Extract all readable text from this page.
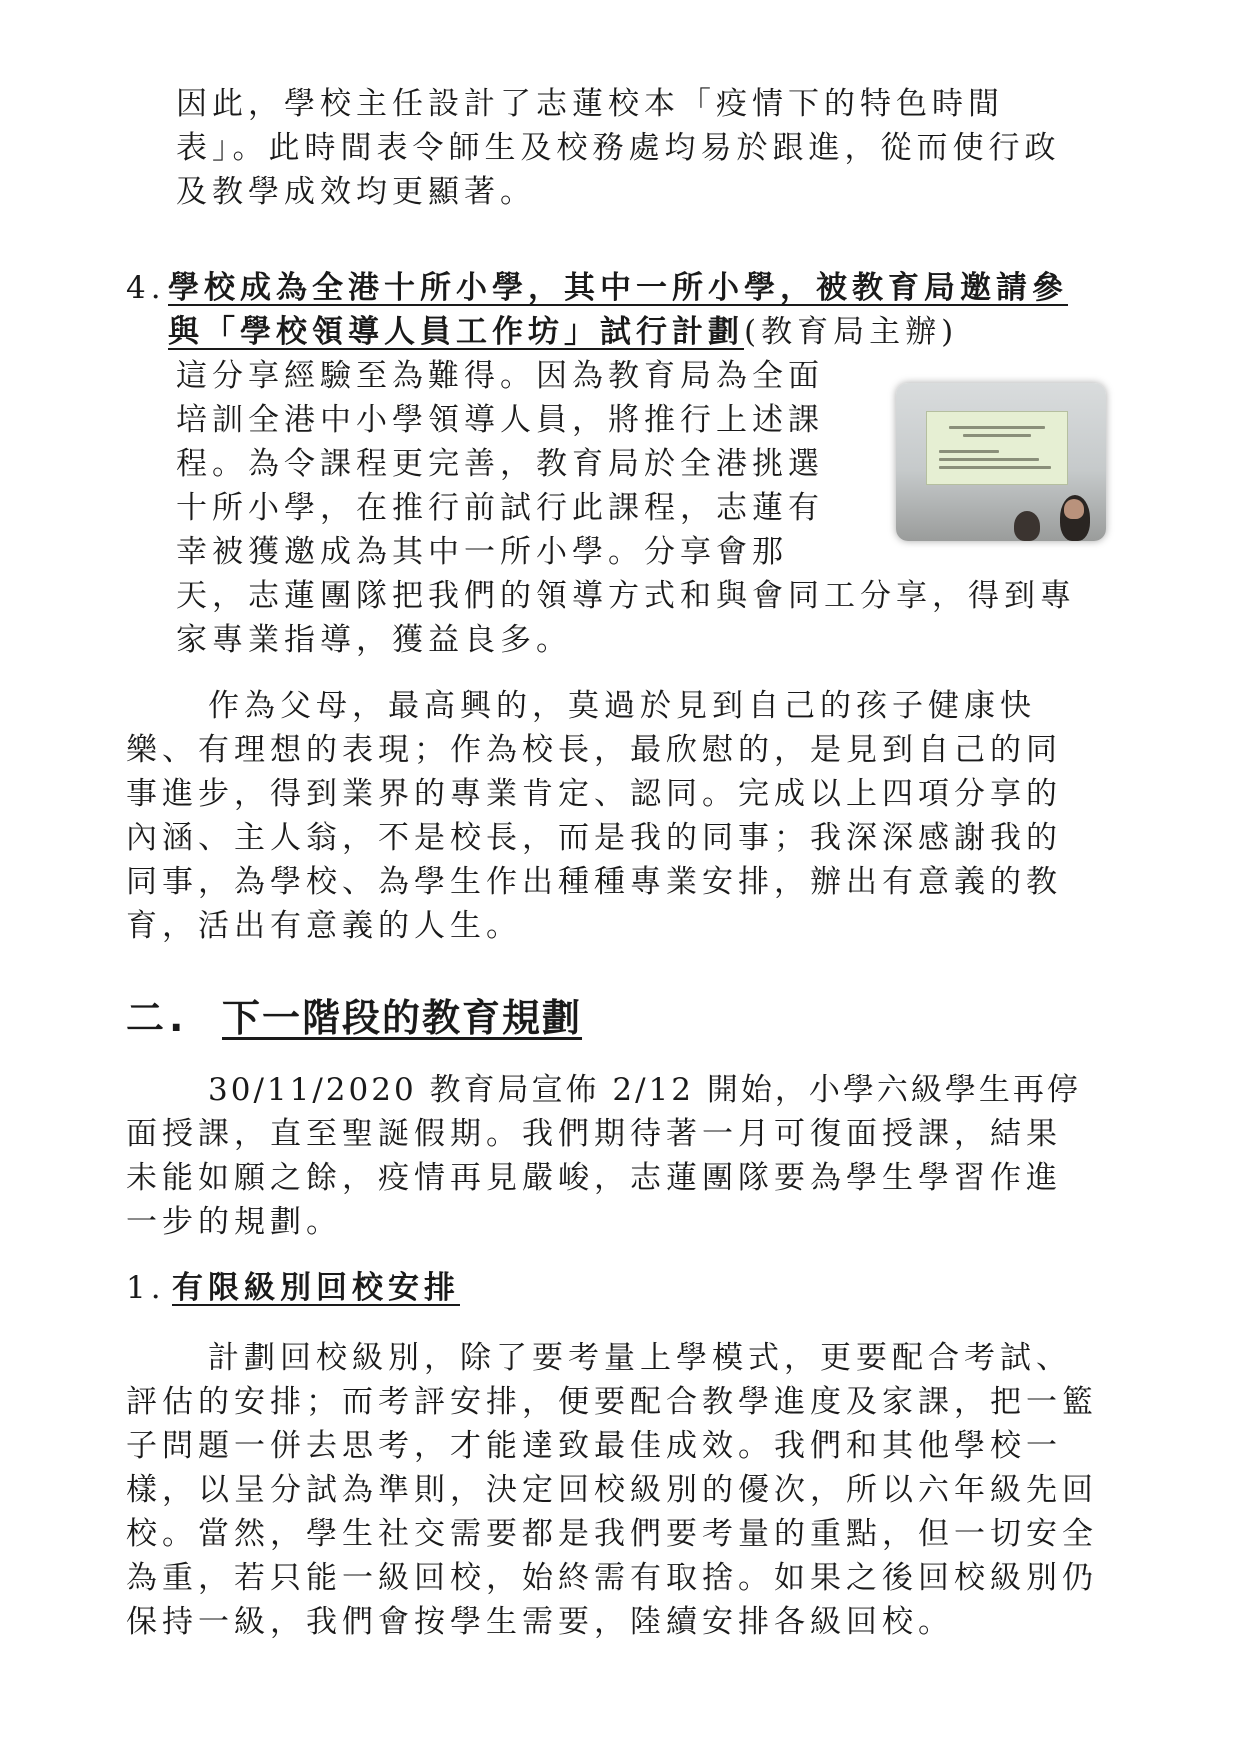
因此，學校主任設計了志蓮校本「疫情下的特色時間
表」。此時間表令師生及校務處均易於跟進，從而使行政
及教學成效均更顯著。
4. 學校成為全港十所小學，其中一所小學，被教育局邀請參
與「學校領導人員工作坊」試行計劃(教育局主辦)
這分享經驗至為難得。因為教育局為全面
培訓全港中小學領導人員，將推行上述課
程。為令課程更完善，教育局於全港挑選
十所小學，在推行前試行此課程，志蓮有
幸被獲邀成為其中一所小學。分享會那
天，志蓮團隊把我們的領導方式和與會同工分享，得到專
家專業指導，獲益良多。
作為父母，最高興的，莫過於見到自己的孩子健康快
樂、有理想的表現；作為校長，最欣慰的，是見到自己的同
事進步，得到業界的專業肯定、認同。完成以上四項分享的
內涵、主人翁，不是校長，而是我的同事；我深深感謝我的
同事，為學校、為學生作出種種專業安排，辦出有意義的教
育，活出有意義的人生。
二. 下一階段的教育規劃
30/11/2020 教育局宣佈 2/12 開始，小學六級學生再停
面授課，直至聖誕假期。我們期待著一月可復面授課，結果
未能如願之餘，疫情再見嚴峻，志蓮團隊要為學生學習作進
一步的規劃。
1. 有限級別回校安排
計劃回校級別，除了要考量上學模式，更要配合考試、
評估的安排；而考評安排，便要配合教學進度及家課，把一籃
子問題一併去思考，才能達致最佳成效。我們和其他學校一
樣，以呈分試為準則，決定回校級別的優次，所以六年級先回
校。當然，學生社交需要都是我們要考量的重點，但一切安全
為重，若只能一級回校，始終需有取捨。如果之後回校級別仍
保持一級，我們會按學生需要，陸續安排各級回校。
